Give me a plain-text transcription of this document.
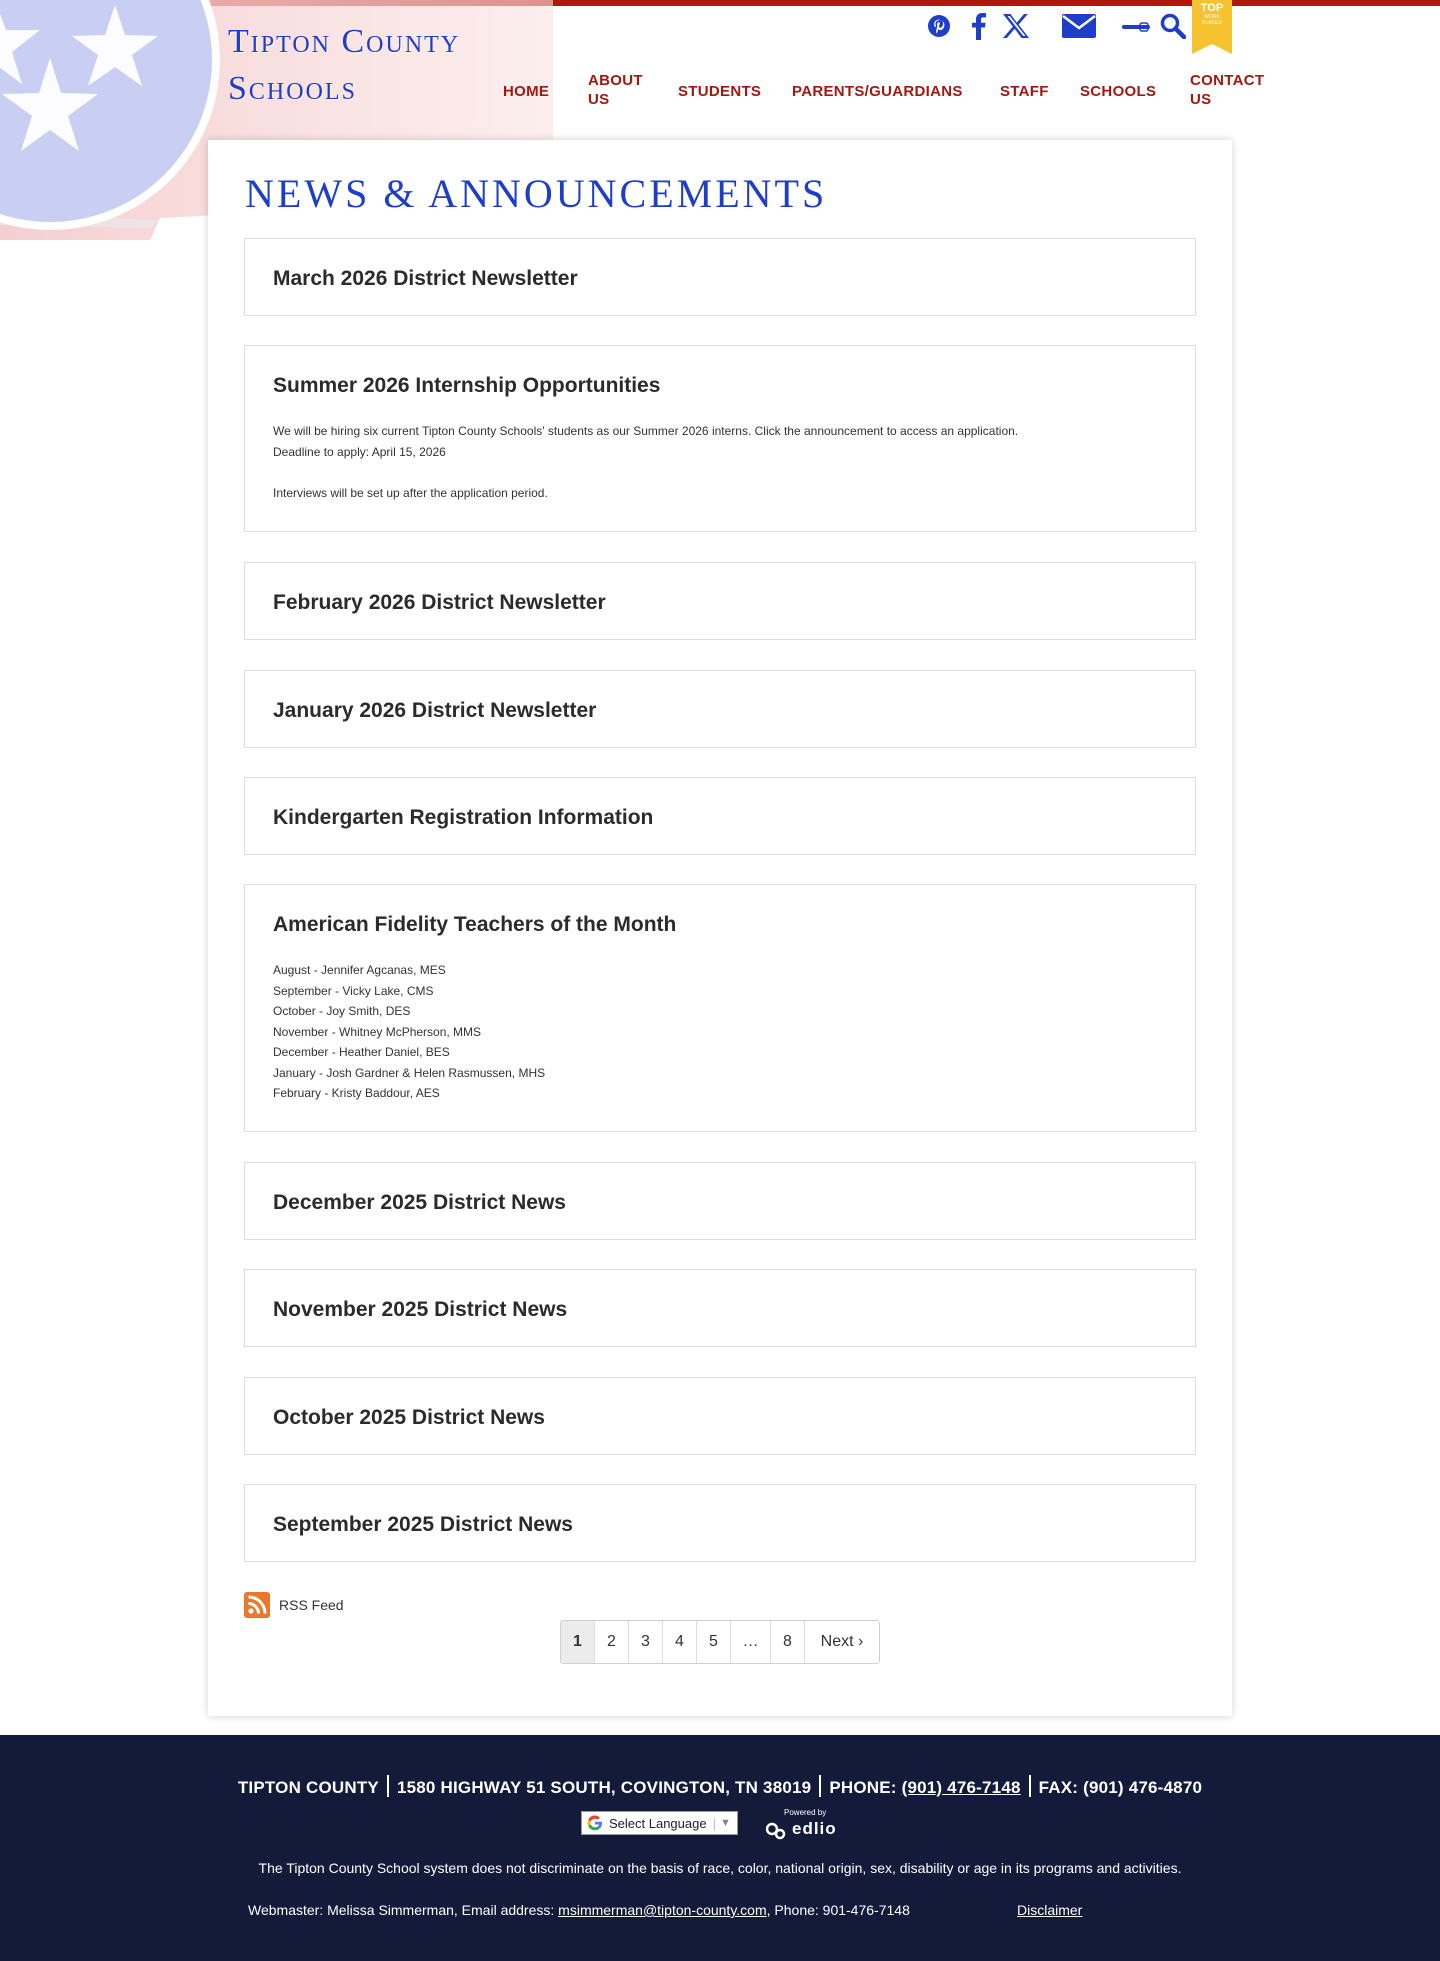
Tipton County
Schools
TOP
WORK PLACES
HOME
ABOUT
US	STUDENTS PARENTS/GUARDIANS STAFF SCHOOLS
CONTACT
US
NEWS & ANNOUNCEMENTS
March 2026 District Newsletter
Summer 2026 Internship Opportunities

We will be hiring six current Tipton County Schools' students as our Summer 2026 interns. Click the announcement to access an application.

Deadline to apply: April 15, 2026

Interviews will be set up after the application period.

February 2026 District Newsletter
January 2026 District Newsletter
Kindergarten Registration Information
American Fidelity Teachers of the Month

August - Jennifer Agcanas, MES

September - Vicky Lake, CMS

October - Joy Smith, DES

November - Whitney McPherson, MMS

December - Heather Daniel, BES

January - Josh Gardner & Helen Rasmussen, MHS

February - Kristy Baddour, AES

December 2025 District News
November 2025 District News
October 2025 District News
September 2025 District News
RSS Feed
1	2	3	4	5	…	8	Next ›
TIPTON COUNTY 1580 HIGHWAY 51 SOUTH, COVINGTON, TN 38019 PHONE: (901) 476-7148 FAX: (901) 476-4870
Select Language | ▼
Powered by
edlio
The Tipton County School system does not discriminate on the basis of race, color, national origin, sex, disability or age in its programs and activities.
Webmaster: Melissa Simmerman, Email address: msimmerman@tipton-county.com, Phone: 901-476-7148	Disclaimer
